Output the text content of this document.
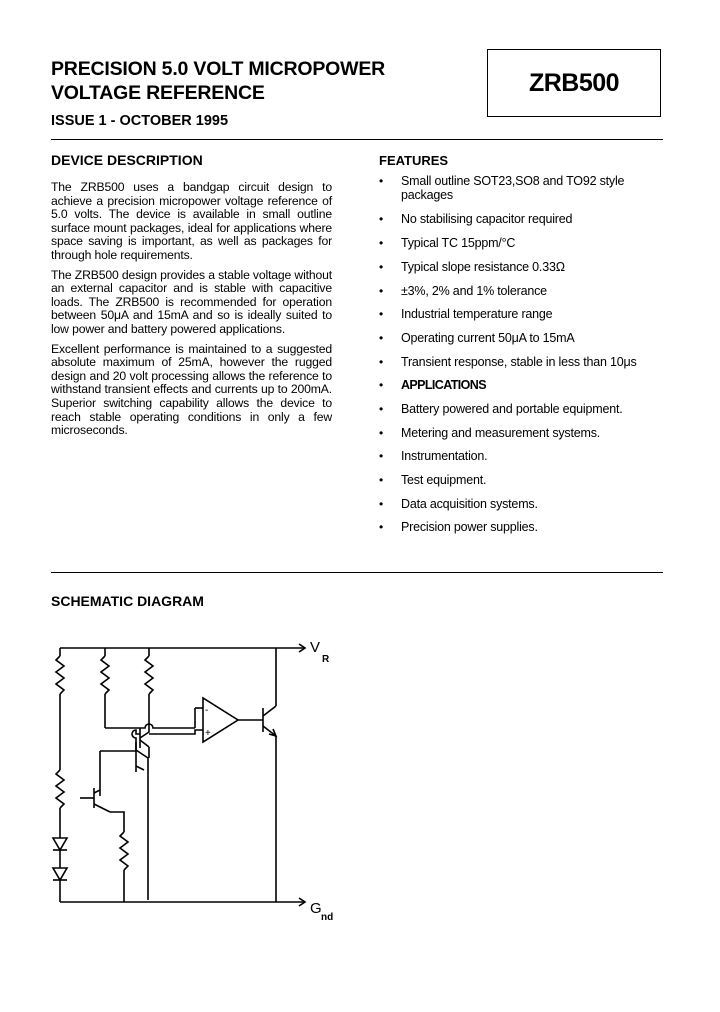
PRECISION 5.0 VOLT MICROPOWER
VOLTAGE REFERENCE
ISSUE 1 - OCTOBER 1995
ZRB500
DEVICE DESCRIPTION

The ZRB500 uses a bandgap circuit design to achieve a precision micropower voltage reference of 5.0 volts. The device is available in small outline surface mount packages, ideal for applications where space saving is important, as well as packages for through hole requirements.

The ZRB500 design provides a stable voltage without an external capacitor and is stable with capacitive loads. The ZRB500 is recommended for operation between 50μA and 15mA and so is ideally suited to low power and battery powered applications.

Excellent performance is maintained to a suggested absolute maximum of 25mA, however the rugged design and 20 volt processing allows the reference to withstand transient effects and currents up to 200mA. Superior switching capability allows the device to reach stable operating conditions in only a few microseconds.

FEATURES
• Small outline SOT23,SO8 and TO92 style packages
• No stabilising capacitor required
• Typical TC 15ppm/°C
• Typical slope resistance 0.33Ω
• ±3%, 2% and 1% tolerance
• Industrial temperature range
• Operating current 50μA to 15mA
• Transient response, stable in less than 10μs
• APPLICATIONS
• Battery powered and portable equipment.
• Metering and measurement systems.
• Instrumentation.
• Test equipment.
• Data acquisition systems.
• Precision power supplies.
SCHEMATIC DIAGRAM
V
R
G
nd
-
+
